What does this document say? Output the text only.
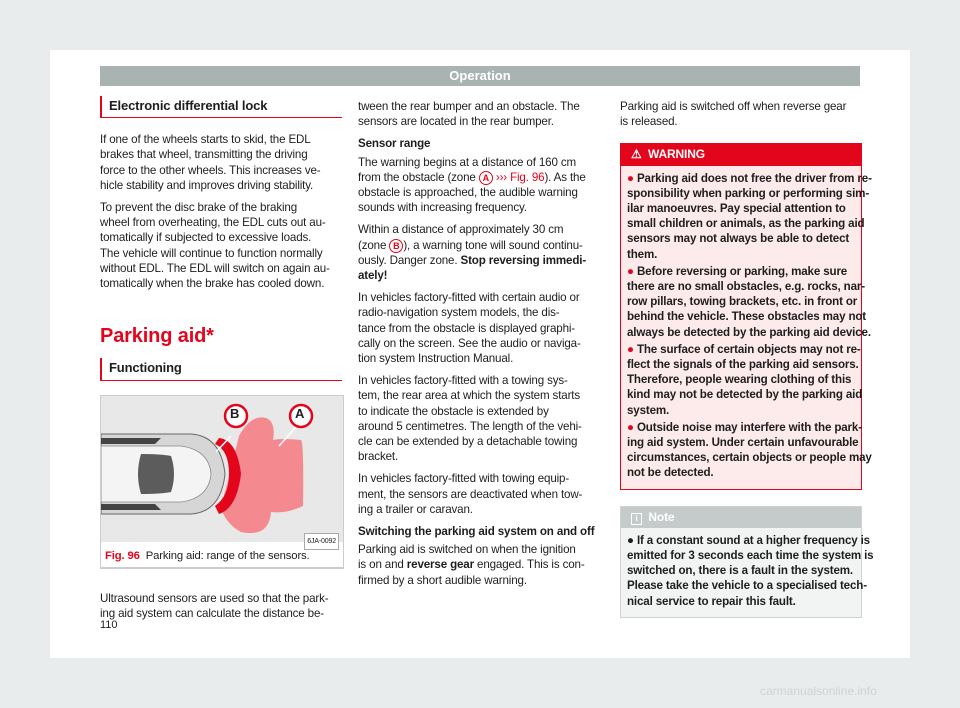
Operation
Electronic differential lock

If one of the wheels starts to skid, the EDL
brakes that wheel, transmitting the driving
force to the other wheels. This increases ve-
hicle stability and improves driving stability.

To prevent the disc brake of the braking
wheel from overheating, the EDL cuts out au-
tomatically if subjected to excessive loads.
The vehicle will continue to function normally
without EDL. The EDL will switch on again au-
tomatically when the brake has cooled down.

Parking aid*
Functioning
B	A
6JA-0092
Fig. 96 Parking aid: range of the sensors.

Ultrasound sensors are used so that the park-
ing aid system can calculate the distance be-

tween the rear bumper and an obstacle. The
sensors are located in the rear bumper.

Sensor range

The warning begins at a distance of 160 cm
from the obstacle (zone A ››› Fig. 96). As the
obstacle is approached, the audible warning
sounds with increasing frequency.

Within a distance of approximately 30 cm
(zone B ), a warning tone will sound continu-
ously. Danger zone. Stop reversing immedi-
ately!

In vehicles factory-fitted with certain audio or
radio-navigation system models, the dis-
tance from the obstacle is displayed graphi-
cally on the screen. See the audio or naviga-
tion system Instruction Manual.

In vehicles factory-fitted with a towing sys-
tem, the rear area at which the system starts
to indicate the obstacle is extended by
around 5 centimetres. The length of the vehi-
cle can be extended by a detachable towing
bracket.

In vehicles factory-fitted with towing equip-
ment, the sensors are deactivated when tow-
ing a trailer or caravan.

Switching the parking aid system on and off

Parking aid is switched on when the ignition
is on and reverse gear engaged. This is con-
firmed by a short audible warning.

Parking aid is switched off when reverse gear
is released.

⚠ WARNING

● Parking aid does not free the driver from re-
sponsibility when parking or performing sim-
ilar manoeuvres. Pay special attention to
small children or animals, as the parking aid
sensors may not always be able to detect
them.

● Before reversing or parking, make sure
there are no small obstacles, e.g. rocks, nar-
row pillars, towing brackets, etc. in front or
behind the vehicle. These obstacles may not
always be detected by the parking aid device.

● The surface of certain objects may not re-
flect the signals of the parking aid sensors.
Therefore, people wearing clothing of this
kind may not be detected by the parking aid
system.

● Outside noise may interfere with the park-
ing aid system. Under certain unfavourable
circumstances, certain objects or people may
not be detected.

i Note

● If a constant sound at a higher frequency is
emitted for 3 seconds each time the system is
switched on, there is a fault in the system.
Please take the vehicle to a specialised tech-
nical service to repair this fault.

110
carmanualsonline.info
